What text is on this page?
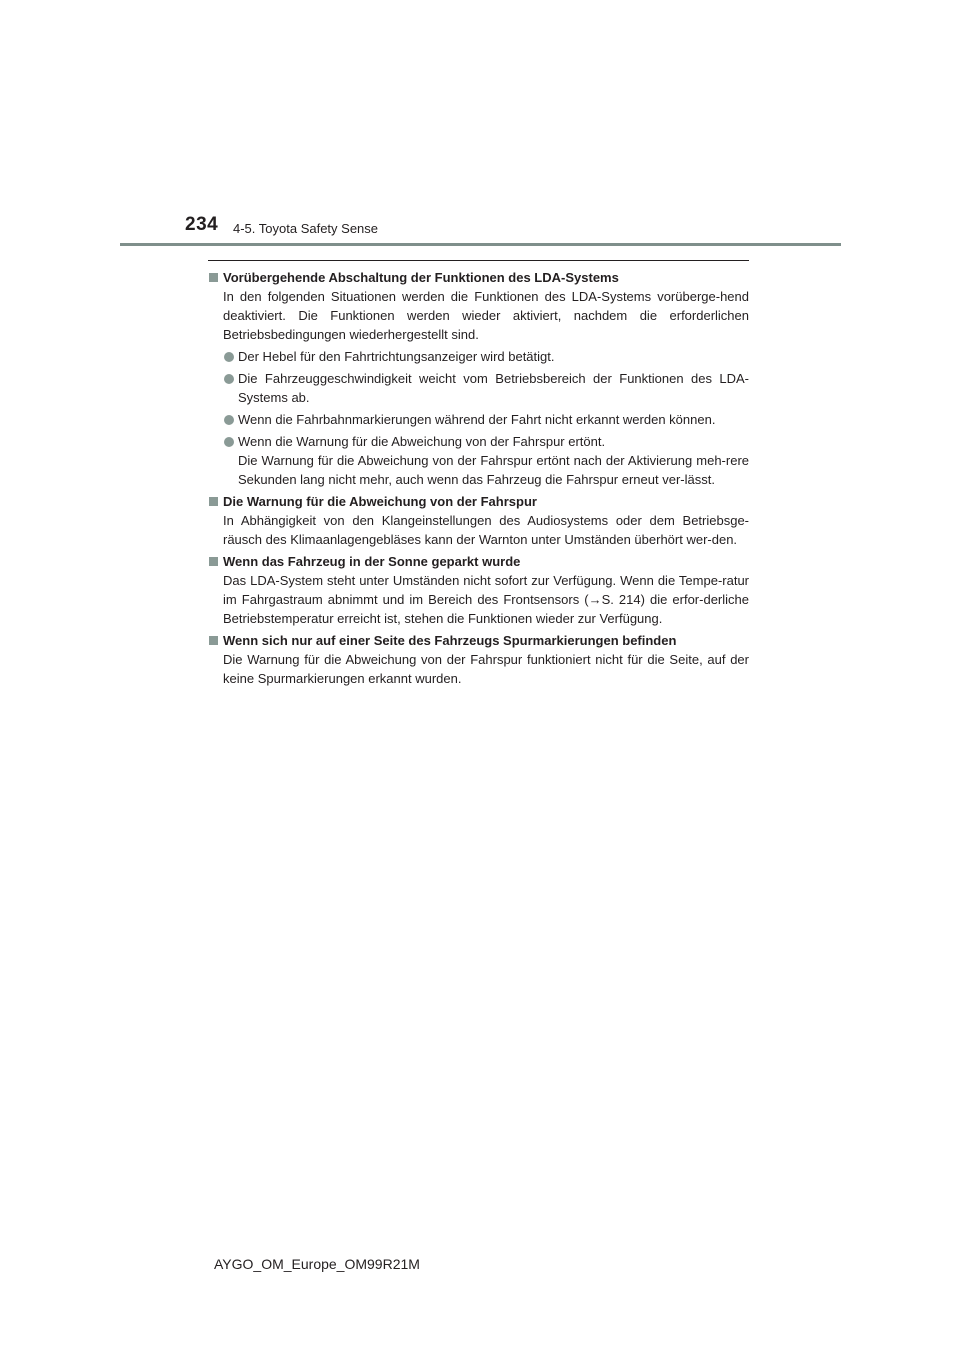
234 4-5. Toyota Safety Sense
Vorübergehende Abschaltung der Funktionen des LDA-Systems
In den folgenden Situationen werden die Funktionen des LDA-Systems vorüberge-hend deaktiviert. Die Funktionen werden wieder aktiviert, nachdem die erforderlichen Betriebsbedingungen wiederhergestellt sind.
Der Hebel für den Fahrtrichtungsanzeiger wird betätigt.
Die Fahrzeuggeschwindigkeit weicht vom Betriebsbereich der Funktionen des LDA-Systems ab.
Wenn die Fahrbahnmarkierungen während der Fahrt nicht erkannt werden können.
Wenn die Warnung für die Abweichung von der Fahrspur ertönt.
Die Warnung für die Abweichung von der Fahrspur ertönt nach der Aktivierung meh-rere Sekunden lang nicht mehr, auch wenn das Fahrzeug die Fahrspur erneut ver-lässt.
Die Warnung für die Abweichung von der Fahrspur
In Abhängigkeit von den Klangeinstellungen des Audiosystems oder dem Betriebsge-räusch des Klimaanlagengebläses kann der Warnton unter Umständen überhört wer-den.
Wenn das Fahrzeug in der Sonne geparkt wurde
Das LDA-System steht unter Umständen nicht sofort zur Verfügung. Wenn die Tempe-ratur im Fahrgastraum abnimmt und im Bereich des Frontsensors (→S. 214) die erfor-derliche Betriebstemperatur erreicht ist, stehen die Funktionen wieder zur Verfügung.
Wenn sich nur auf einer Seite des Fahrzeugs Spurmarkierungen befinden
Die Warnung für die Abweichung von der Fahrspur funktioniert nicht für die Seite, auf der keine Spurmarkierungen erkannt wurden.
AYGO_OM_Europe_OM99R21M
